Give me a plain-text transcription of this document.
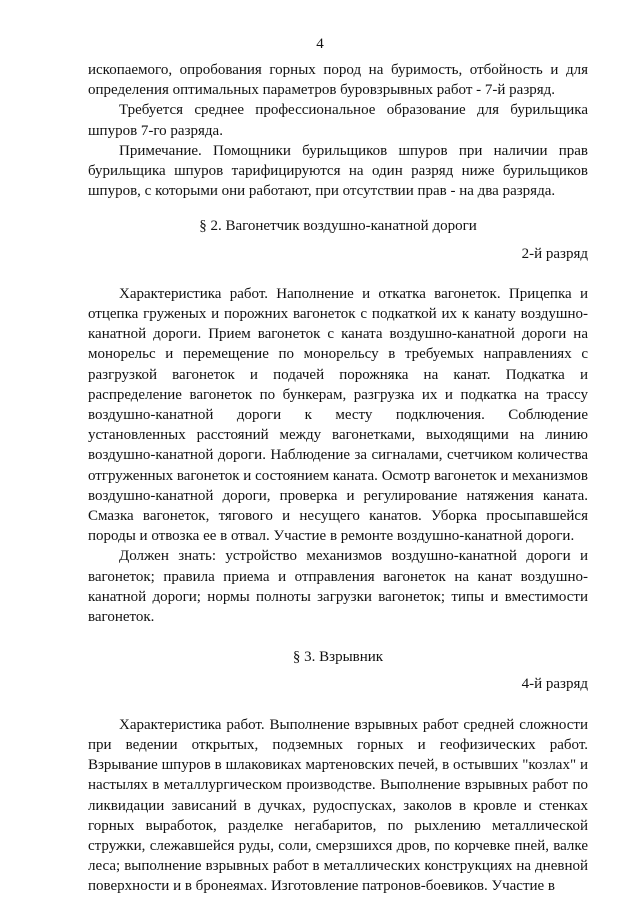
4

ископаемого, опробования горных пород на буримость, отбойность и для определения оптимальных параметров буровзрывных работ - 7-й разряд.

Требуется среднее профессиональное образование для бурильщика шпуров 7-го разряда.

Примечание. Помощники бурильщиков шпуров при наличии прав бурильщика шпуров тарифицируются на один разряд ниже бурильщиков шпуров, с которыми они работают, при отсутствии прав - на два разряда.

§ 2. Вагонетчик воздушно-канатной дороги

2-й разряд

Характеристика работ. Наполнение и откатка вагонеток. Прицепка и отцепка груженых и порожних вагонеток с подкаткой их к канату воздушно-канатной дороги. Прием вагонеток с каната воздушно-канатной дороги на монорельс и перемещение по монорельсу в требуемых направлениях с разгрузкой вагонеток и подачей порожняка на канат. Подкатка и распределение вагонеток по бункерам, разгрузка их и подкатка на трассу воздушно-канатной дороги к месту подключения. Соблюдение установленных расстояний между вагонетками, выходящими на линию воздушно-канатной дороги. Наблюдение за сигналами, счетчиком количества отгруженных вагонеток и состоянием каната. Осмотр вагонеток и механизмов воздушно-канатной дороги, проверка и регулирование натяжения каната. Смазка вагонеток, тягового и несущего канатов. Уборка просыпавшейся породы и отвозка ее в отвал. Участие в ремонте воздушно-канатной дороги.

Должен знать: устройство механизмов воздушно-канатной дороги и вагонеток; правила приема и отправления вагонеток на канат воздушно-канатной дороги; нормы полноты загрузки вагонеток; типы и вместимости вагонеток.

§ 3. Взрывник

4-й разряд

Характеристика работ. Выполнение взрывных работ средней сложности при ведении открытых, подземных горных и геофизических работ. Взрывание шпуров в шлаковиках мартеновских печей, в остывших "козлах" и настылях в металлургическом производстве. Выполнение взрывных работ по ликвидации зависаний в дучках, рудоспусках, заколов в кровле и стенках горных выработок, разделке негабаритов, по рыхлению металлической стружки, слежавшейся руды, соли, смерзшихся дров, по корчевке пней, валке леса; выполнение взрывных работ в металлических конструкциях на дневной поверхности и в бронеямах. Изготовление патронов-боевиков. Участие в
